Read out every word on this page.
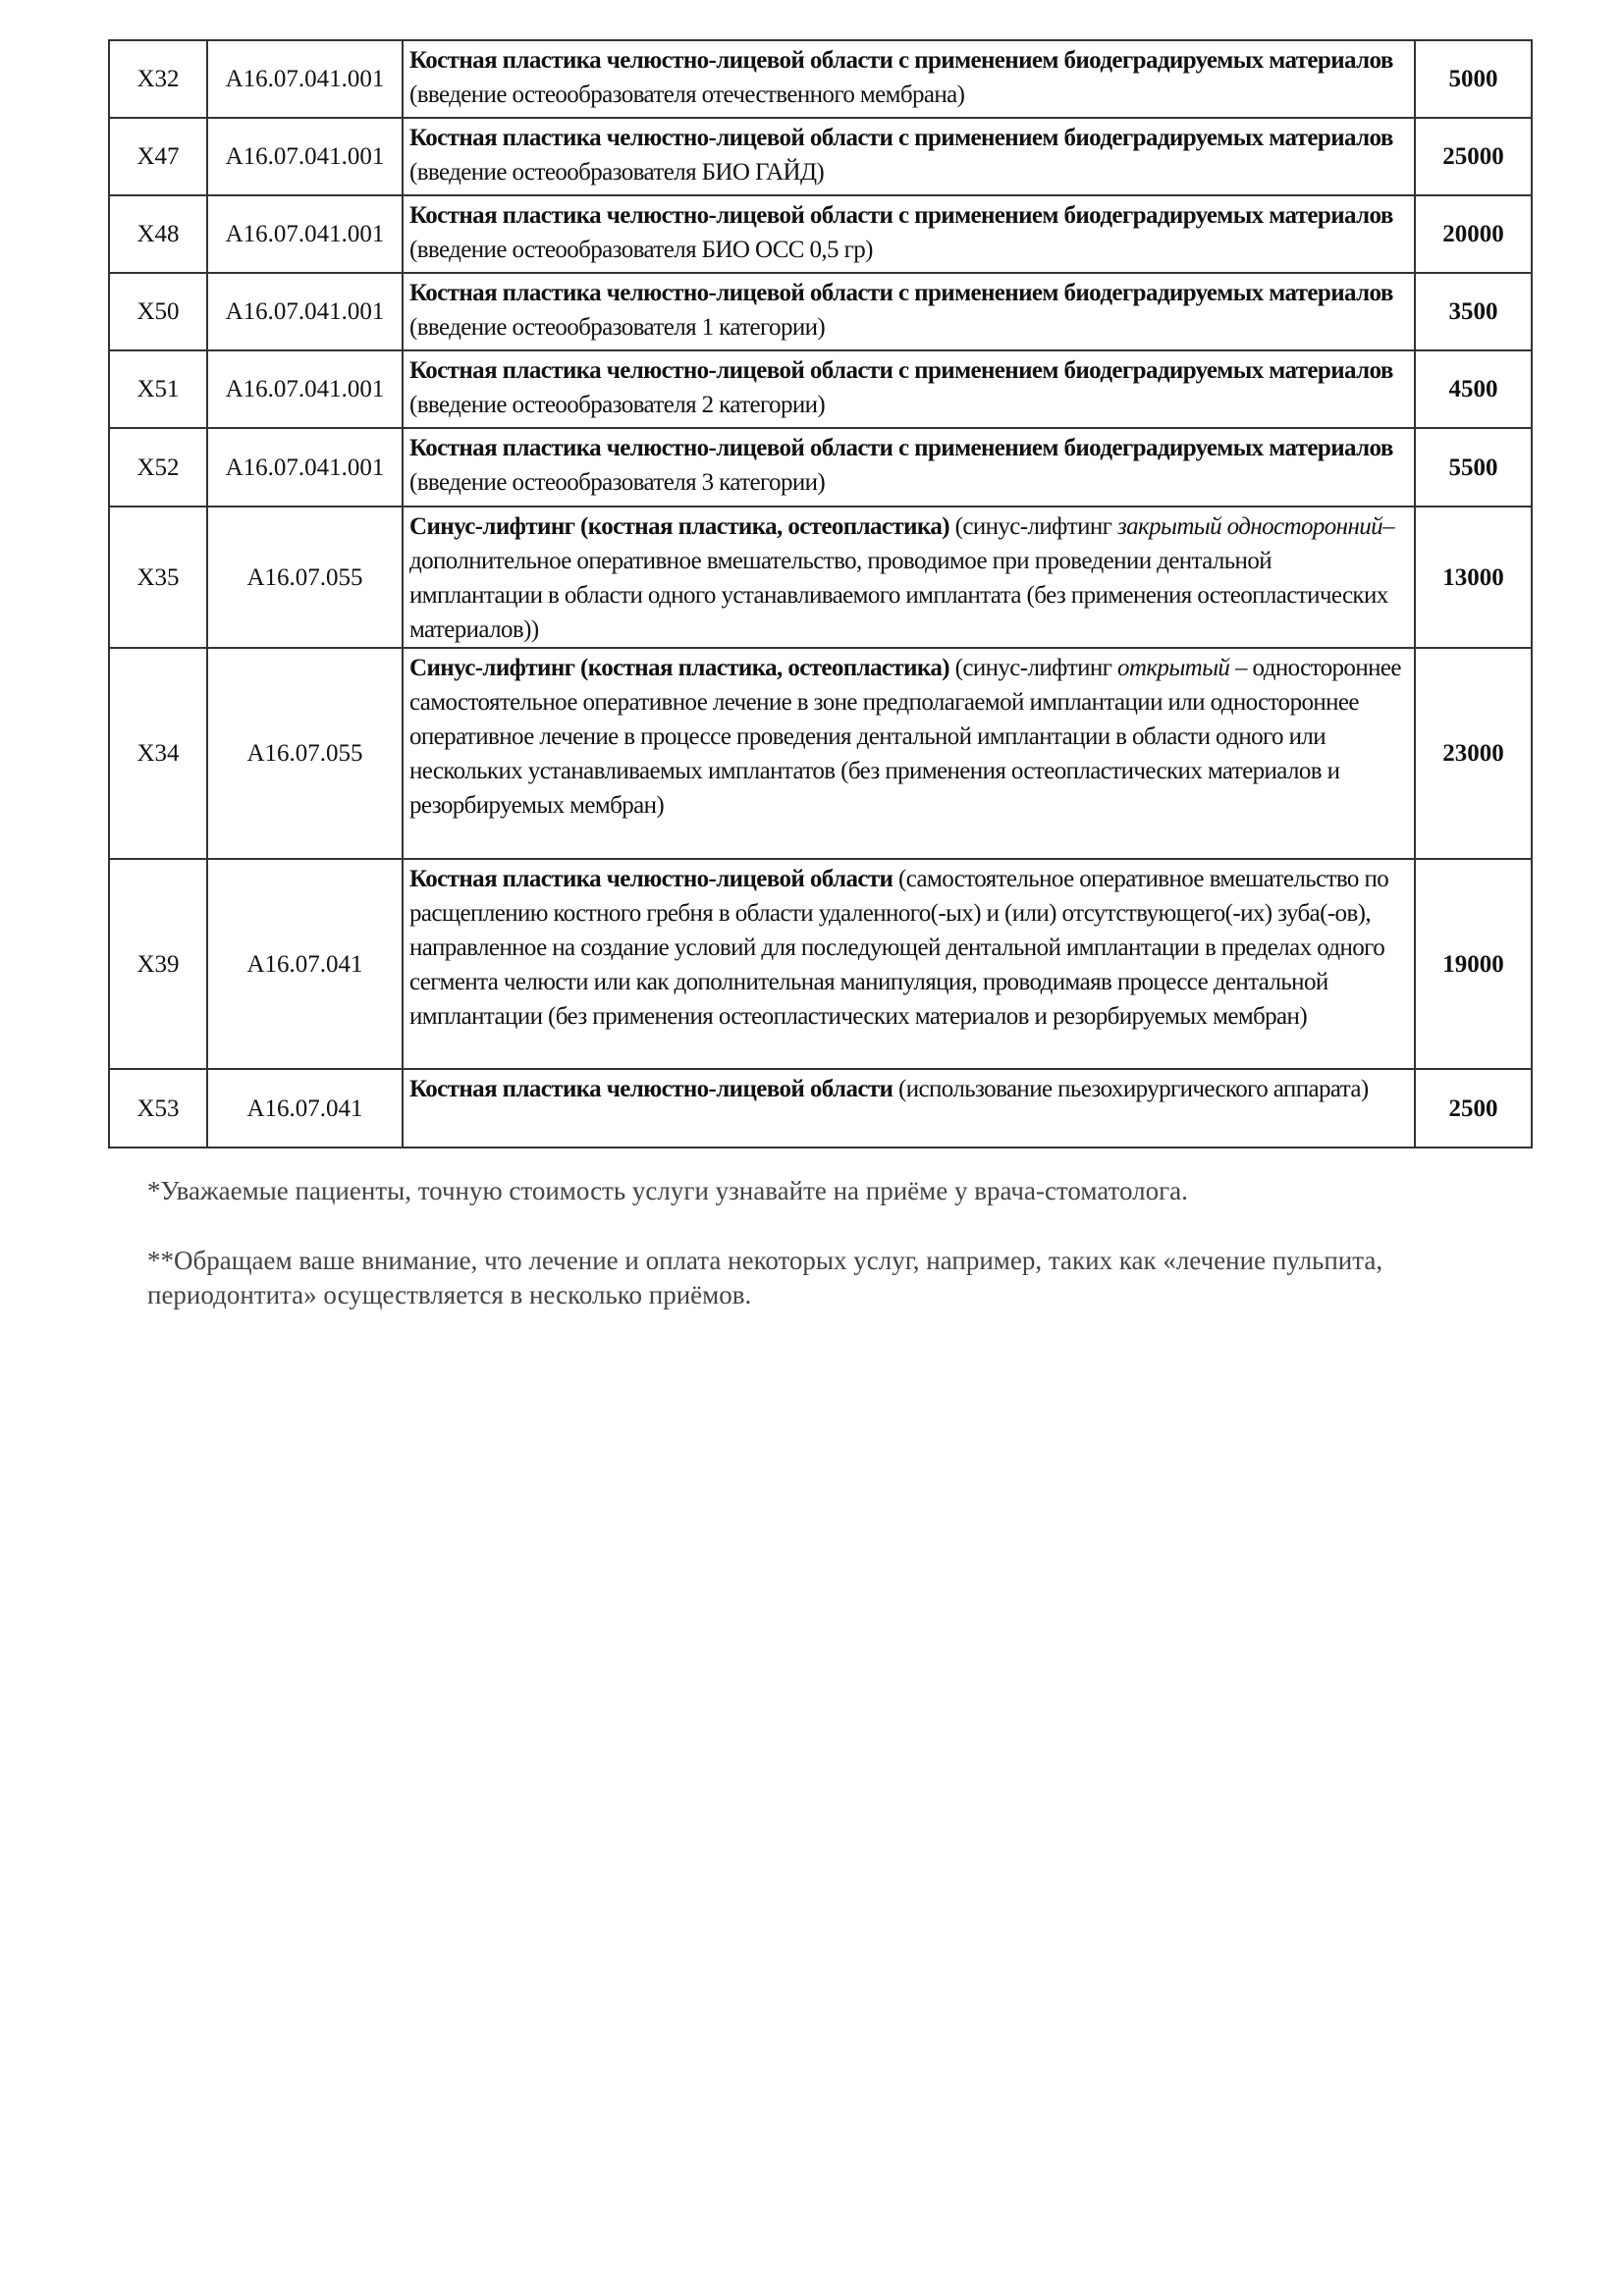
X32	A16.07.041.001	Костная пластика челюстно-лицевой области с применением биодеградируемых материалов (введение остеообразователя отечественного мембрана)	5000
X47	A16.07.041.001	Костная пластика челюстно-лицевой области с применением биодеградируемых материалов (введение остеообразователя БИО ГАЙД)	25000
X48	A16.07.041.001	Костная пластика челюстно-лицевой области с применением биодеградируемых материалов (введение остеообразователя БИО ОСС 0,5 гр)	20000
X50	A16.07.041.001	Костная пластика челюстно-лицевой области с применением биодеградируемых материалов (введение остеообразователя 1 категории)	3500
X51	A16.07.041.001	Костная пластика челюстно-лицевой области с применением биодеградируемых материалов (введение остеообразователя 2 категории)	4500
X52	A16.07.041.001	Костная пластика челюстно-лицевой области с применением биодеградируемых материалов (введение остеообразователя 3 категории)	5500
X35	A16.07.055	Синус-лифтинг (костная пластика, остеопластика) (синус-лифтинг закрытый односторонний– дополнительное оперативное вмешательство, проводимое при проведении дентальной имплантации в области одного устанавливаемого имплантата (без применения остеопластических материалов))	13000
X34	A16.07.055	Синус-лифтинг (костная пластика, остеопластика) (синус-лифтинг открытый – одностороннее самостоятельное оперативное лечение в зоне предполагаемой имплантации или одностороннее оперативное лечение в процессе проведения дентальной имплантации в области одного или нескольких устанавливаемых имплантатов (без применения остеопластических материалов и резорбируемых мембран)	23000
X39	A16.07.041	Костная пластика челюстно-лицевой области (самостоятельное оперативное вмешательство по расщеплению костного гребня в области удаленного(-ых) и (или) отсутствующего(-их) зуба(-ов), направленное на создание условий для последующей дентальной имплантации в пределах одного сегмента челюсти или как дополнительная манипуляция, проводимаяв процессе дентальной имплантации (без применения остеопластических материалов и резорбируемых мембран)	19000
X53	A16.07.041	Костная пластика челюстно-лицевой области (использование пьезохирургического аппарата)	2500

*Уважаемые пациенты, точную стоимость услуги узнавайте на приёме у врача-стоматолога.

**Обращаем ваше внимание, что лечение и оплата некоторых услуг, например, таких как «лечение пульпита, периодонтита» осуществляется в несколько приёмов.
